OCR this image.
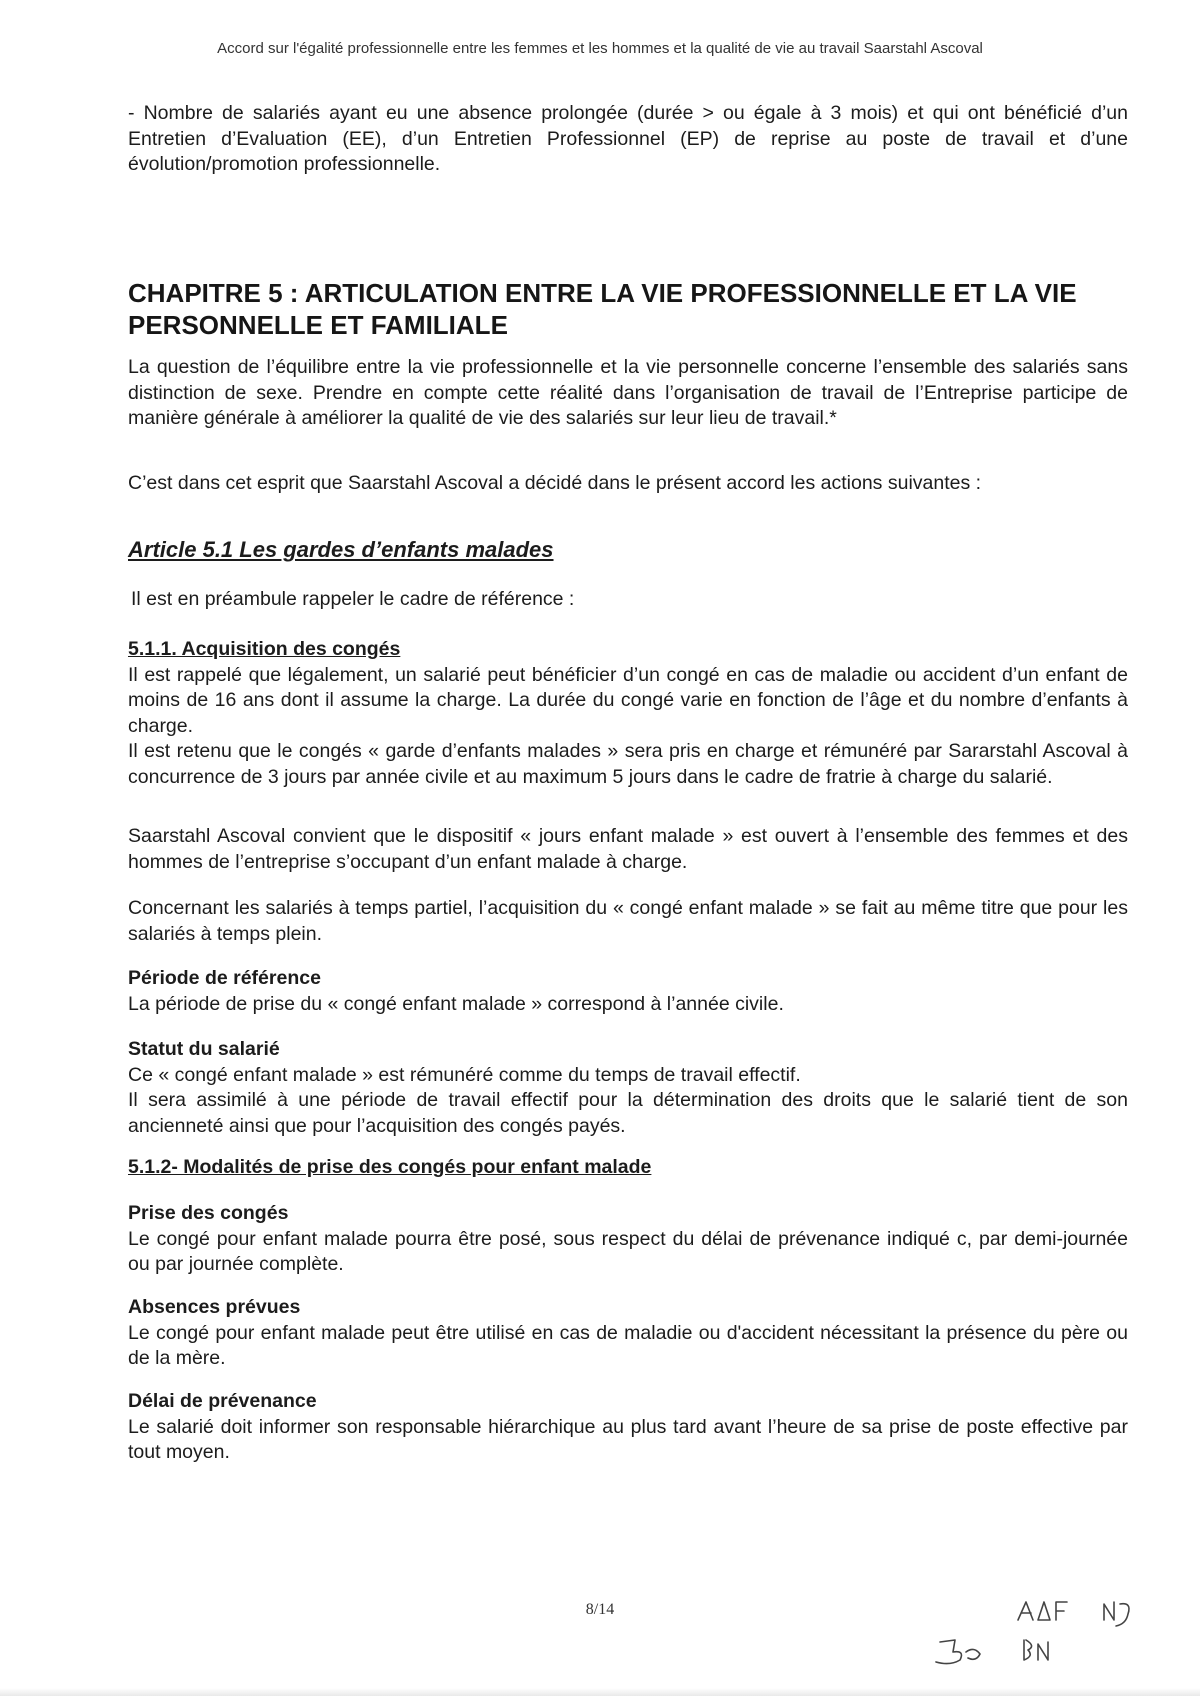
Accord sur l'égalité professionnelle entre les femmes et les hommes et la qualité de vie au travail Saarstahl Ascoval

- Nombre de salariés ayant eu une absence prolongée (durée > ou égale à 3 mois) et qui ont bénéficié d’un Entretien d’Evaluation (EE), d’un Entretien Professionnel (EP) de reprise au poste de travail et d’une évolution/promotion professionnelle.

CHAPITRE 5 : ARTICULATION ENTRE LA VIE PROFESSIONNELLE ET LA VIE PERSONNELLE ET FAMILIALE

La question de l’équilibre entre la vie professionnelle et la vie personnelle concerne l’ensemble des salariés sans distinction de sexe. Prendre en compte cette réalité dans l’organisation de travail de l’Entreprise participe de manière générale à améliorer la qualité de vie des salariés sur leur lieu de travail.*

C’est dans cet esprit que Saarstahl Ascoval a décidé dans le présent accord les actions suivantes :

Article 5.1 Les gardes d’enfants malades

Il est en préambule rappeler le cadre de référence :

5.1.1. Acquisition des congés

Il est rappelé que légalement, un salarié peut bénéficier d’un congé en cas de maladie ou accident d’un enfant de moins de 16 ans dont il assume la charge. La durée du congé varie en fonction de l’âge et du nombre d’enfants à charge.

Il est retenu que le congés « garde d’enfants malades » sera pris en charge et rémunéré par Sararstahl Ascoval à concurrence de 3 jours par année civile et au maximum 5 jours dans le cadre de fratrie à charge du salarié.

Saarstahl Ascoval convient que le dispositif « jours enfant malade » est ouvert à l’ensemble des femmes et des hommes de l’entreprise s’occupant d’un enfant malade à charge.

Concernant les salariés à temps partiel, l’acquisition du « congé enfant malade » se fait au même titre que pour les salariés à temps plein.

Période de référence

La période de prise du « congé enfant malade » correspond à l’année civile.

Statut du salarié

Ce « congé enfant malade » est rémunéré comme du temps de travail effectif.

Il sera assimilé à une période de travail effectif pour la détermination des droits que le salarié tient de son ancienneté ainsi que pour l’acquisition des congés payés.

5.1.2- Modalités de prise des congés pour enfant malade

Prise des congés

Le congé pour enfant malade pourra être posé, sous respect du délai de prévenance indiqué c, par demi-journée ou par journée complète.

Absences prévues

Le congé pour enfant malade peut être utilisé en cas de maladie ou d'accident nécessitant la présence du père ou de la mère.

Délai de prévenance

Le salarié doit informer son responsable hiérarchique au plus tard avant l’heure de sa prise de poste effective par tout moyen.

8/14
